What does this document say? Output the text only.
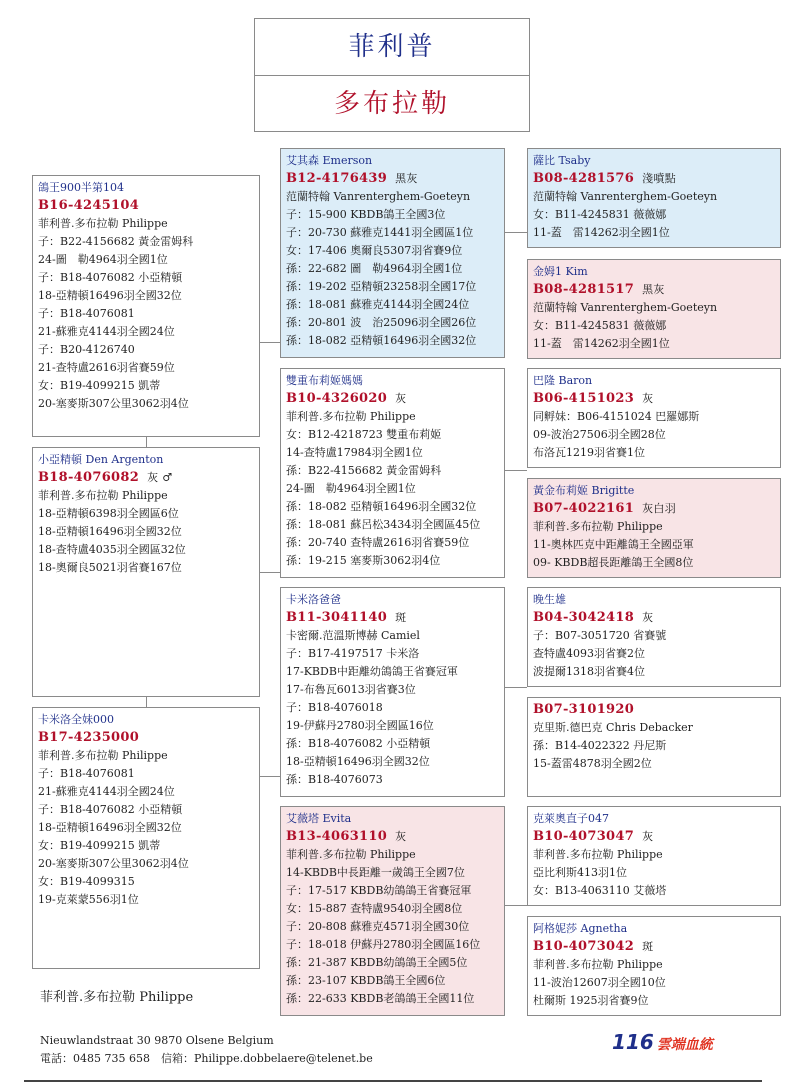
菲利普
多布拉勒
鴿王900半第104
B16-4245104
菲利普.多布拉勒 Philippe
子：B22-4156682 黃金雷姆科
24-圖　勒4964羽全國1位
子：B18-4076082 小亞精頓
18-亞精頓16496羽全國32位
子：B18-4076081
21-蘇雅克4144羽全國24位
子：B20-4126740
21-查特盧2616羽省賽59位
女：B19-4099215 凱蒂
20-塞麥斯307公里3062羽4位
小亞精頓 Den Argenton
B18-4076082 灰 ♂
菲利普.多布拉勒 Philippe
18-亞精頓6398羽全國區6位
18-亞精頓16496羽全國32位
18-查特盧4035羽全國區32位
18-奧爾良5021羽省賽167位
卡米洛全妹000
B17-4235000
菲利普.多布拉勒 Philippe
子：B18-4076081
21-蘇雅克4144羽全國24位
子：B18-4076082 小亞精頓
18-亞精頓16496羽全國32位
女：B19-4099215 凱蒂
20-塞麥斯307公里3062羽4位
女：B19-4099315
19-克萊蒙556羽1位
艾其森 Emerson
B12-4176439 黑灰
范蘭特翰 Vanrenterghem-Goeteyn
子：15-900 KBDB鴿王全國3位
子：20-730 蘇雅克1441羽全國區1位
女：17-406 奧爾良5307羽省賽9位
孫：22-682 圖　勒4964羽全國1位
孫：19-202 亞精頓23258羽全國17位
孫：18-081 蘇雅克4144羽全國24位
孫：20-801 波　治25096羽全國26位
孫：18-082 亞精頓16496羽全國32位
雙重布莉姬媽媽
B10-4326020 灰
菲利普.多布拉勒 Philippe
女：B12-4218723 雙重布莉姬
14-查特盧17984羽全國1位
孫：B22-4156682 黃金雷姆科
24-圖　勒4964羽全國1位
孫：18-082 亞精頓16496羽全國32位
孫：18-081 蘇呂松3434羽全國區45位
孫：20-740 查特盧2616羽省賽59位
孫：19-215 塞麥斯3062羽4位
卡米洛爸爸
B11-3041140 斑
卡密爾.范溫斯博赫 Camiel
子：B17-4197517 卡米洛
17-KBDB中距離幼鴿鴿王省賽冠軍
17-布魯瓦6013羽省賽3位
子：B18-4076018
19-伊蘇丹2780羽全國區16位
孫：B18-4076082 小亞精頓
18-亞精頓16496羽全國32位
孫：B18-4076073
艾薇塔 Evita
B13-4063110 灰
菲利普.多布拉勒 Philippe
14-KBDB中長距離一歲鴿王全國7位
子：17-517 KBDB幼鴿鴿王省賽冠軍
女：15-887 查特盧9540羽全國8位
子：20-808 蘇雅克4571羽全國30位
子：18-018 伊蘇丹2780羽全國區16位
孫：21-387 KBDB幼鴿鴿王全國5位
孫：23-107 KBDB鴿王全國6位
孫：22-633 KBDB老鴿鴿王全國11位
薩比 Tsaby
B08-4281576 淺噴點
范蘭特翰 Vanrenterghem-Goeteyn
女：B11-4245831 薇薇娜
11-蓋　雷14262羽全國1位
金姆1 Kim
B08-4281517 黑灰
范蘭特翰 Vanrenterghem-Goeteyn
女：B11-4245831 薇薇娜
11-蓋　雷14262羽全國1位
巴隆 Baron
B06-4151023 灰
同孵妹：B06-4151024 巴羅娜斯
09-波治27506羽全國28位
布洛瓦1219羽省賽1位
黃金布莉姬 Brigitte
B07-4022161 灰白羽
菲利普.多布拉勒 Philippe
11-奧林匹克中距離鴿王全國亞軍
09- KBDB超長距離鴿王全國8位
晚生雄
B04-3042418 灰
子：B07-3051720 省賽號
查特盧4093羽省賽2位
波提爾1318羽省賽4位
B07-3101920
克里斯.德巴克 Chris Debacker
孫：B14-4022322 丹尼斯
15-蓋雷4878羽全國2位
克萊奧直子047
B10-4073047 灰
菲利普.多布拉勒 Philippe
亞比利斯413羽1位
女：B13-4063110 艾薇塔
阿格妮莎 Agnetha
B10-4073042 斑
菲利普.多布拉勒 Philippe
11-波治12607羽全國10位
杜爾斯 1925羽省賽9位
菲利普.多布拉勒 Philippe
Nieuwlandstraat 30 9870 Olsene Belgium
電話：0485 735 658　信箱：Philippe.dobbelaere@telenet.be
116 雲端血統
